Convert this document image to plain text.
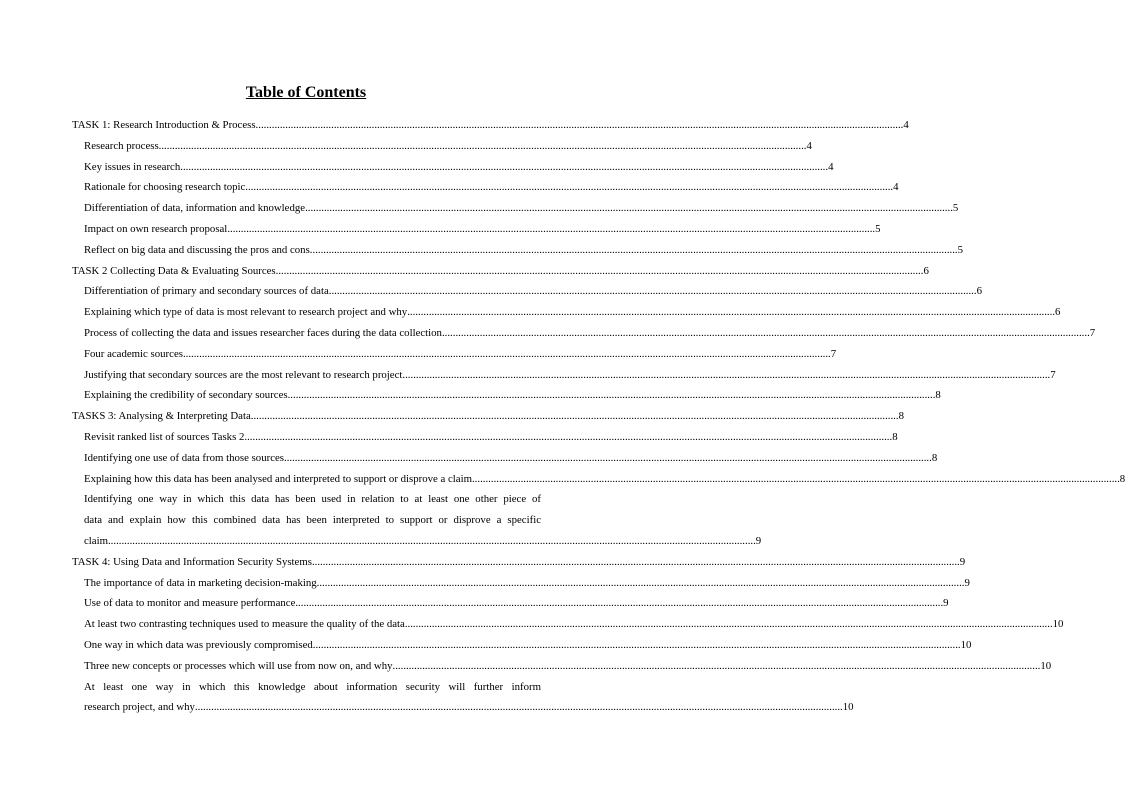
Table of Contents
TASK 1: Research Introduction & Process .....	4
Research process .....	4
Key issues in research .....	4
Rationale for choosing research topic .....	4
Differentiation of data, information and knowledge .....	5
Impact on own research proposal .....	5
Reflect on big data and discussing the pros and cons .....	5
TASK 2 Collecting Data & Evaluating Sources .....	6
Differentiation of primary and secondary sources of data .....	6
Explaining which type of data is most relevant to research project and why .....	6
Process of collecting the data and issues researcher faces during the data collection .....	7
Four academic sources .....	7
Justifying that secondary sources are the most relevant to research project .....	7
Explaining the credibility of secondary sources .....	8
TASKS 3: Analysing & Interpreting Data .....	8
Revisit ranked list of sources Tasks 2 .....	8
Identifying one use of data from those sources .....	8
Explaining how this data has been analysed and interpreted to support or disprove a claim .....	8
Identifying one way in which this data has been used in relation to at least one other piece of
data and explain how this combined data has been interpreted to support or disprove a specific
claim .....	9
TASK 4: Using Data and Information Security Systems .....	9
The importance of data in marketing decision-making .....	9
Use of data to monitor and measure performance .....	9
At least two contrasting techniques used to measure the quality of the data .....	10
One way in which data was previously compromised .....	10
Three new concepts or processes which will use from now on, and why .....	10
At least one way in which this knowledge about information security will further inform
research project, and why .....	10
